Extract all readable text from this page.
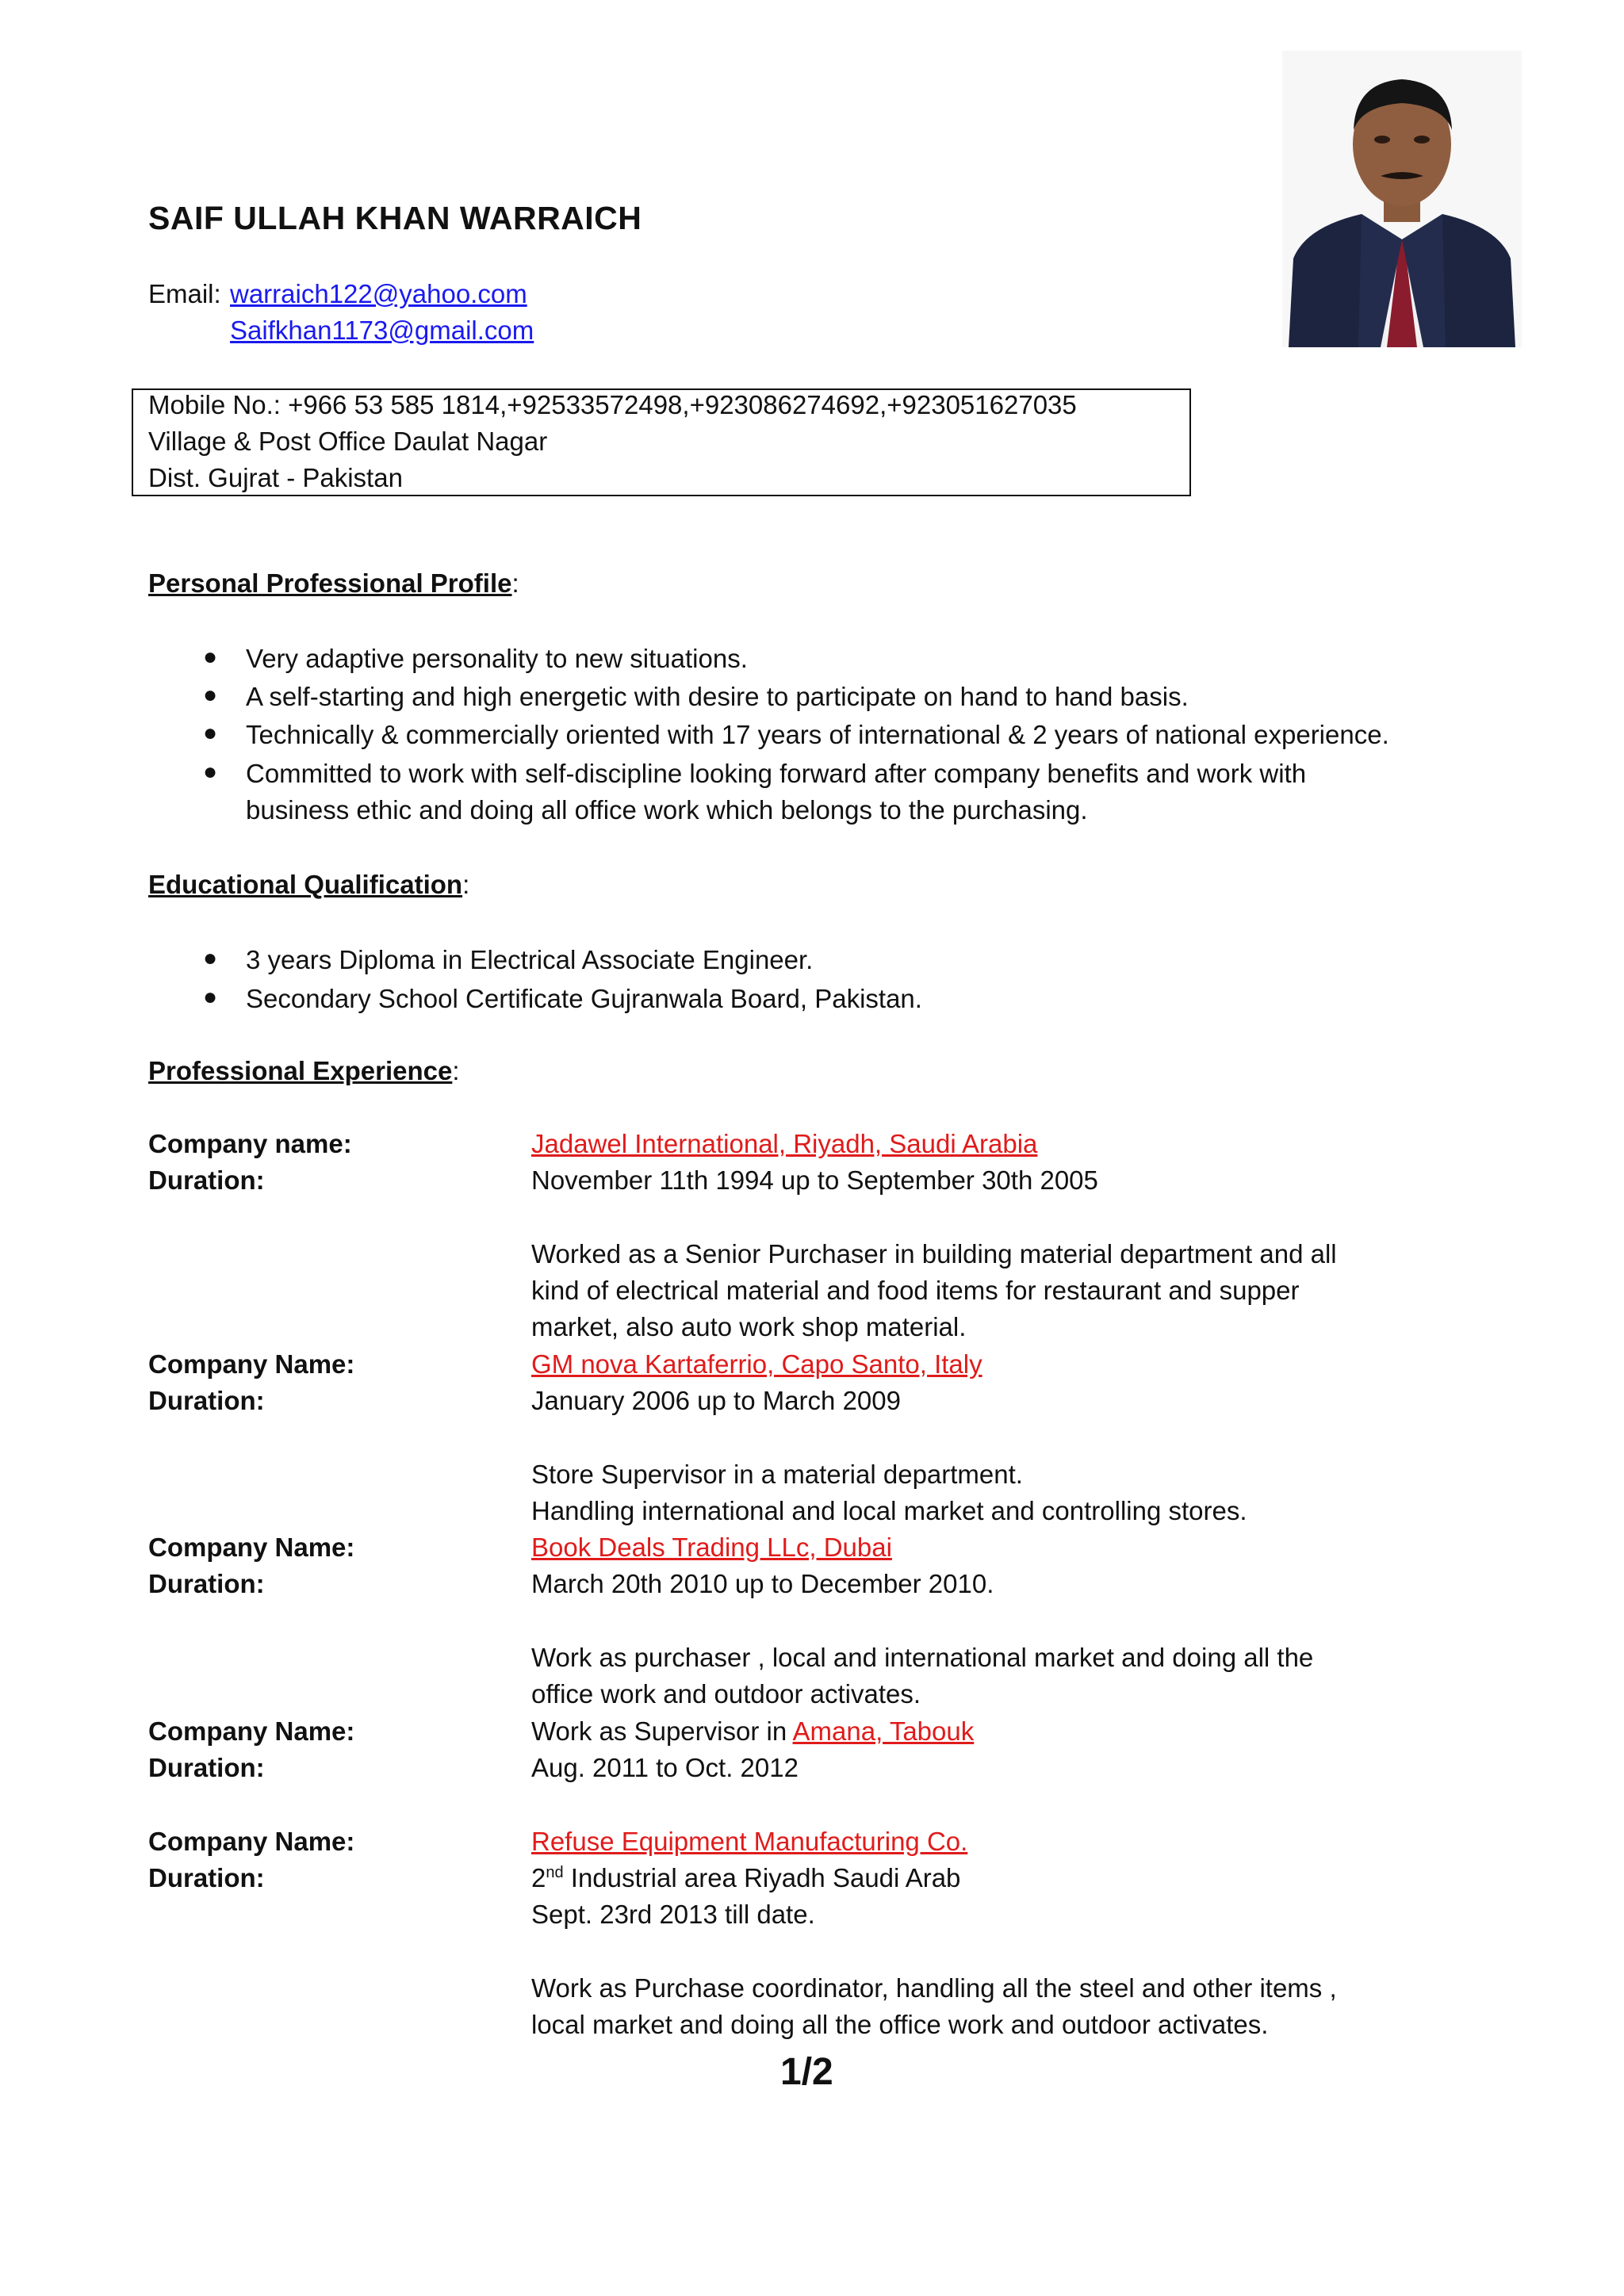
SAIF ULLAH KHAN WARRAICH
Email: warraich122@yahoo.com
Saifkhan1173@gmail.com
Mobile No.: +966 53 585 1814,+92533572498,+923086274692,+923051627035
Village & Post Office Daulat Nagar
Dist. Gujrat - Pakistan
Personal Professional Profile:
● Very adaptive personality to new situations.
● A self-starting and high energetic with desire to participate on hand to hand basis.
● Technically & commercially oriented with 17 years of international & 2 years of national experience.
● Committed to work with self-discipline looking forward after company benefits and work with
business ethic and doing all office work which belongs to the purchasing.
Educational Qualification:
● 3 years Diploma in Electrical Associate Engineer.
● Secondary School Certificate Gujranwala Board, Pakistan.
Professional Experience:
Company name:	Jadawel International, Riyadh, Saudi Arabia
Duration:	November 11th 1994 up to September 30th 2005
Worked as a Senior Purchaser in building material department and all
kind of electrical material and food items for restaurant and supper
market, also auto work shop material.
Company Name:	GM nova Kartaferrio, Capo Santo, Italy
Duration:	January 2006 up to March 2009
Store Supervisor in a material department.
Handling international and local market and controlling stores.
Company Name:	Book Deals Trading LLc, Dubai
Duration:	March 20th 2010 up to December 2010.
Work as purchaser , local and international market and doing all the
office work and outdoor activates.
Company Name:	Work as Supervisor in Amana, Tabouk
Duration:	Aug. 2011 to Oct. 2012
Company Name:	Refuse Equipment Manufacturing Co.
Duration:	2nd Industrial area Riyadh Saudi Arab
Sept. 23rd 2013 till date.
Work as Purchase coordinator, handling all the steel and other items ,
local market and doing all the office work and outdoor activates.
1/2
